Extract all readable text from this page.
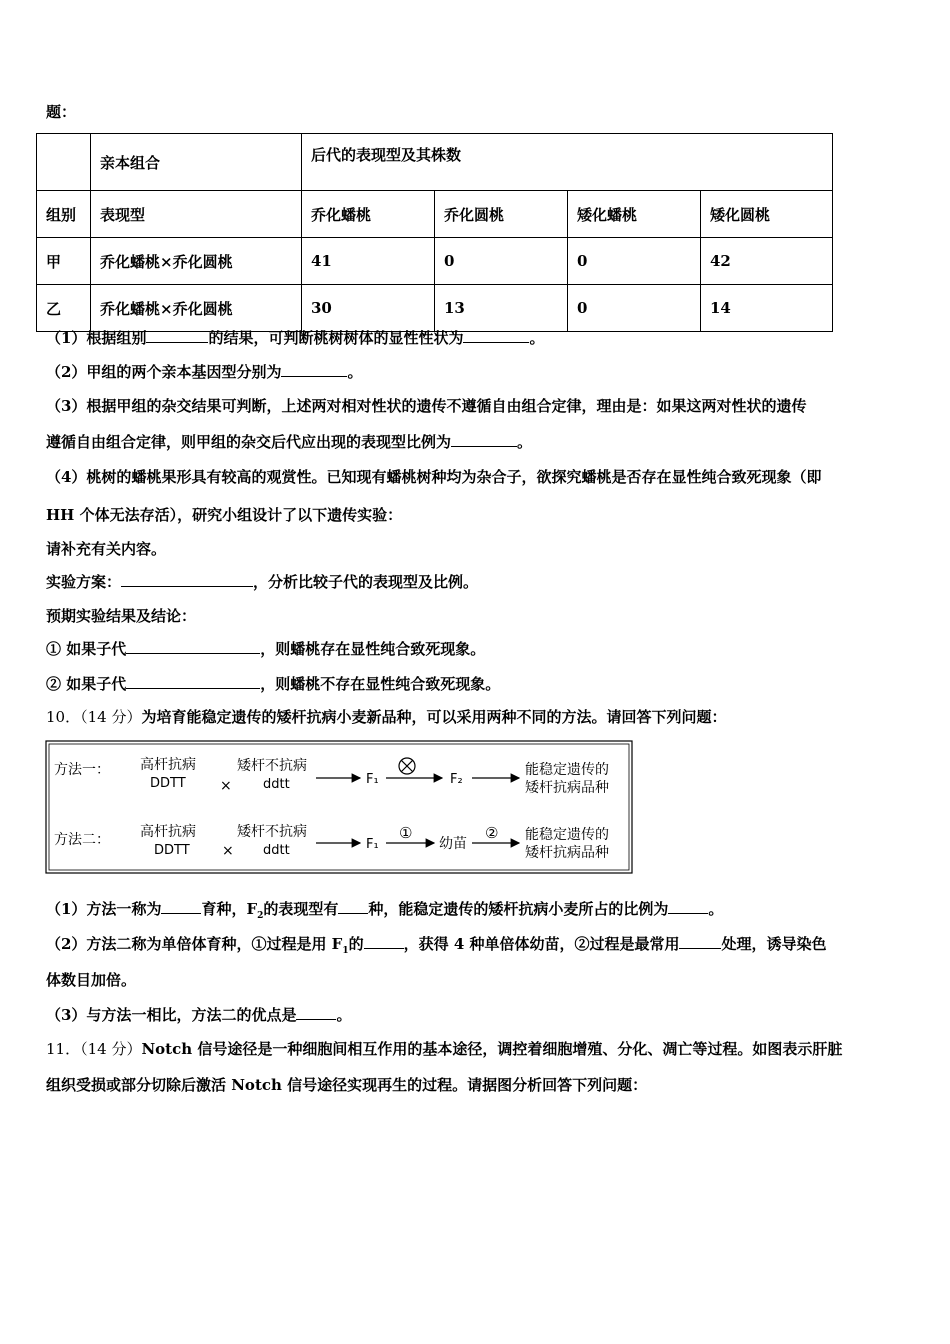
题：
	亲本组合	后代的表现型及其株数			
组别	表现型	乔化蟠桃	乔化圆桃	矮化蟠桃	矮化圆桃
甲	乔化蟠桃×乔化圆桃	41	0	0	42
乙	乔化蟠桃×乔化圆桃	30	13	0	14
（1）根据组别	的结果，可判断桃树树体的显性性状为	。
（2）甲组的两个亲本基因型分别为	。
（3）根据甲组的杂交结果可判断，上述两对相对性状的遗传不遵循自由组合定律，理由是：如果这两对性状的遗传
遵循自由组合定律，则甲组的杂交后代应出现的表现型比例为	。
（4）桃树的蟠桃果形具有较高的观赏性。已知现有蟠桃树种均为杂合子，欲探究蟠桃是否存在显性纯合致死现象（即
HH 个体无法存活），研究小组设计了以下遗传实验：
请补充有关内容。
实验方案：	，分析比较子代的表现型及比例。
预期实验结果及结论：
① 如果子代	，则蟠桃存在显性纯合致死现象。
② 如果子代	，则蟠桃不存在显性纯合致死现象。
10．（14 分）为培育能稳定遗传的矮杆抗病小麦新品种，可以采用两种不同的方法。请回答下列问题：
方法一： 高杆抗病
DDTT ×
矮杆不抗病
ddtt	F₁	F₂
能稳定遗传的
矮杆抗病品种
方法二： 高杆抗病
DDTT ×
矮杆不抗病
ddtt	F₁
①
幼苗
② 能稳定遗传的
矮杆抗病品种
（1）方法一称为	育种，$F_2$的表现型有 种，能稳定遗传的矮杆抗病小麦所占的比例为	。
（2）方法二称为单倍体育种，①过程是用 $F_1$的	，获得 4 种单倍体幼苗，②过程是最常用	处理，诱导染色
体数目加倍。
（3）与方法一相比，方法二的优点是	。
11．（14 分）Notch 信号途径是一种细胞间相互作用的基本途径，调控着细胞增殖、分化、凋亡等过程。如图表示肝脏
组织受损或部分切除后激活 Notch 信号途径实现再生的过程。请据图分析回答下列问题：
